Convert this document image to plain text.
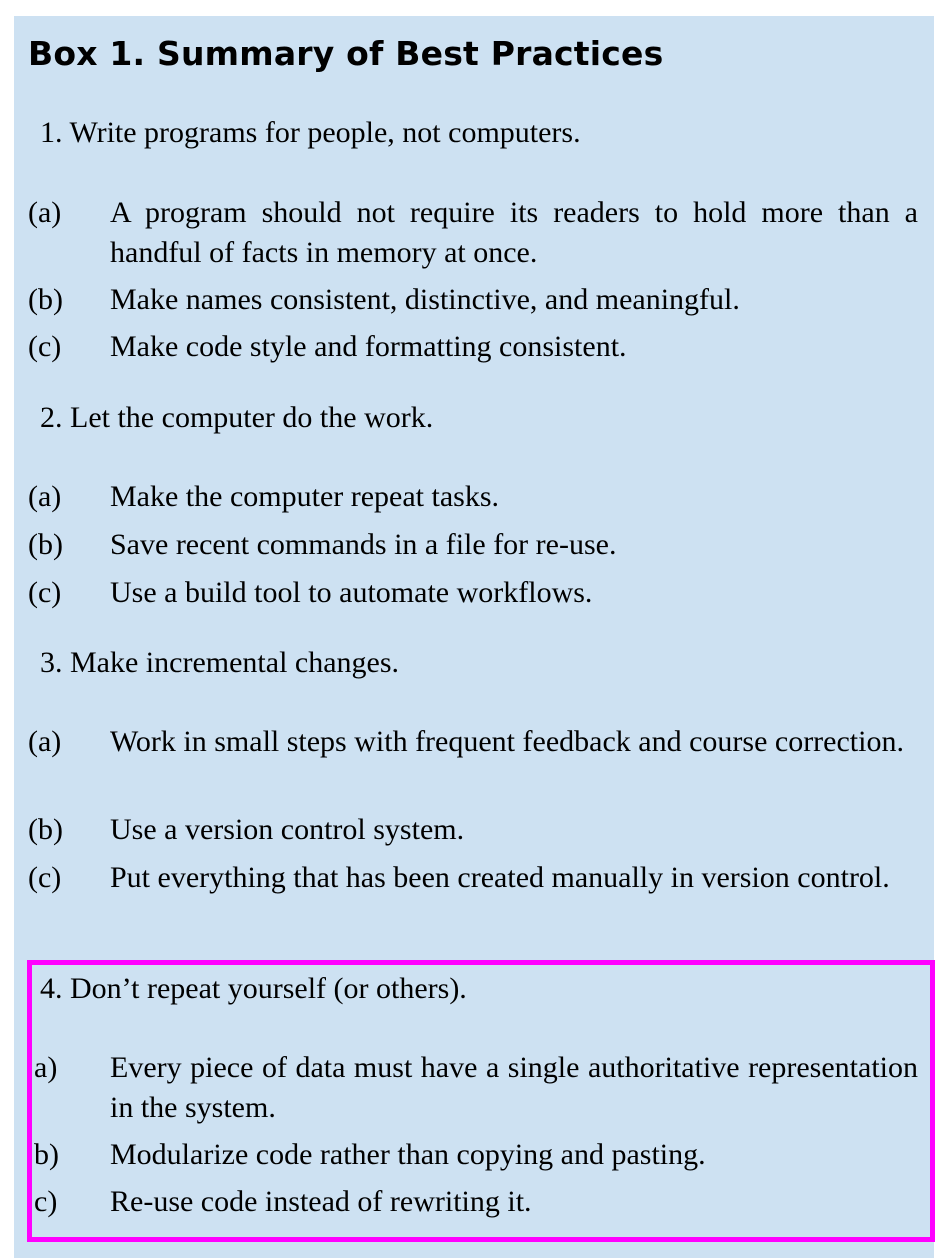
Box 1. Summary of Best Practices
1. Write programs for people, not computers.
(a) A program should not require its readers to hold more than a handful of facts in memory at once.
(b) Make names consistent, distinctive, and meaningful.
(c) Make code style and formatting consistent.
2. Let the computer do the work.
(a) Make the computer repeat tasks.
(b) Save recent commands in a file for re-use.
(c) Use a build tool to automate workflows.
3. Make incremental changes.
(a) Work in small steps with frequent feedback and course correction.
(b) Use a version control system.
(c) Put everything that has been created manually in version control.
4. Don’t repeat yourself (or others).
a) Every piece of data must have a single authoritative representation in the system.
b) Modularize code rather than copying and pasting.
c) Re-use code instead of rewriting it.
